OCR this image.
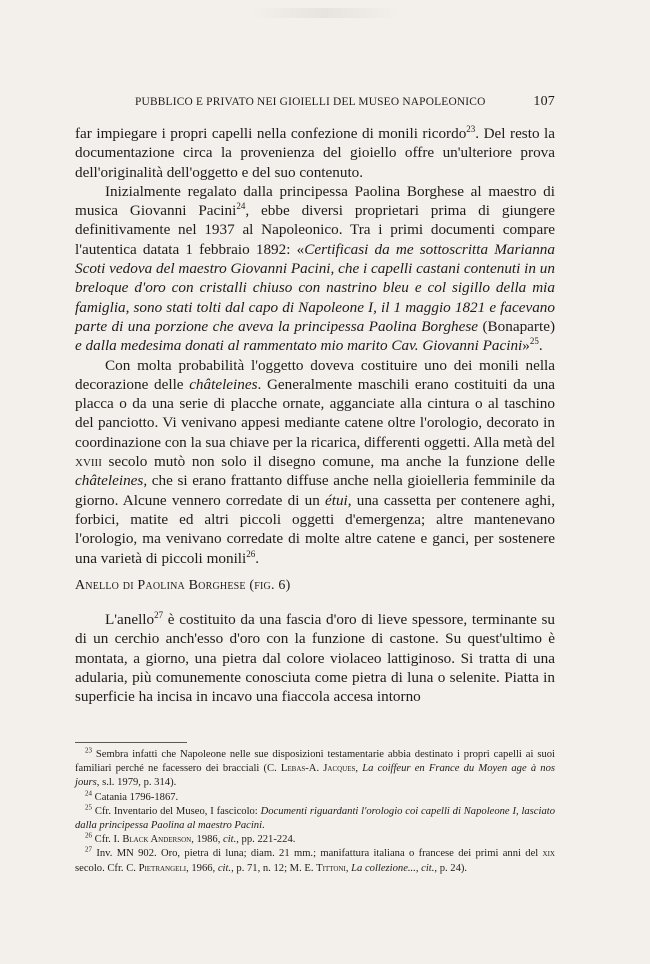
PUBBLICO E PRIVATO NEI GIOIELLI DEL MUSEO NAPOLEONICO	107

far impiegare i propri capelli nella confezione di monili ricordo$^{23}$. Del resto la documentazione circa la provenienza del gioiello offre un'ulteriore prova dell'originalità dell'oggetto e del suo contenuto.

Inizialmente regalato dalla principessa Paolina Borghese al maestro di musica Giovanni Pacini$^{24}$, ebbe diversi proprietari prima di giungere definitivamente nel 1937 al Napoleonico. Tra i primi documenti compare l'autentica datata 1 febbraio 1892: «Certificasi da me sottoscritta Marianna Scoti vedova del maestro Giovanni Pacini, che i capelli castani contenuti in un breloque d'oro con cristalli chiuso con nastrino bleu e col sigillo della mia famiglia, sono stati tolti dal capo di Napoleone I, il 1 maggio 1821 e facevano parte di una porzione che aveva la principessa Paolina Borghese (Bonaparte) e dalla medesima donati al rammentato mio marito Cav. Giovanni Pacini»$^{25}$.

Con molta probabilità l'oggetto doveva costituire uno dei monili nella decorazione delle châteleines. Generalmente maschili erano costituiti da una placca o da una serie di placche ornate, agganciate alla cintura o al taschino del panciotto. Vi venivano appesi mediante catene oltre l'orologio, decorato in coordinazione con la sua chiave per la ricarica, differenti oggetti. Alla metà del xviii secolo mutò non solo il disegno comune, ma anche la funzione delle châteleines, che si erano frattanto diffuse anche nella gioielleria femminile da giorno. Alcune vennero corredate di un étui, una cassetta per contenere aghi, forbici, matite ed altri piccoli oggetti d'emergenza; altre mantenevano l'orologio, ma venivano corredate di molte altre catene e ganci, per sostenere una varietà di piccoli monili$^{26}$.

Anello di Paolina Borghese (fig. 6)

L'anello$^{27}$ è costituito da una fascia d'oro di lieve spessore, terminante su di un cerchio anch'esso d'oro con la funzione di castone. Su quest'ultimo è montata, a giorno, una pietra dal colore violaceo lattiginoso. Si tratta di una adularia, più comunemente conosciuta come pietra di luna o selenite. Piatta in superficie ha incisa in incavo una fiaccola accesa intorno

$^{23}$ Sembra infatti che Napoleone nelle sue disposizioni testamentarie abbia destinato i propri capelli ai suoi familiari perché ne facessero dei bracciali (C. Lebas-A. Jacques, La coiffeur en France du Moyen age à nos jours, s.l. 1979, p. 314).

$^{24}$ Catania 1796-1867.

$^{25}$ Cfr. Inventario del Museo, I fascicolo: Documenti riguardanti l'orologio coi capelli di Napoleone I, lasciato dalla principessa Paolina al maestro Pacini.

$^{26}$ Cfr. I. Black Anderson, 1986, cit., pp. 221-224.

$^{27}$ Inv. MN 902. Oro, pietra di luna; diam. 21 mm.; manifattura italiana o francese dei primi anni del xix secolo. Cfr. C. Pietrangeli, 1966, cit., p. 71, n. 12; M. E. Tittoni, La collezione..., cit., p. 24).
